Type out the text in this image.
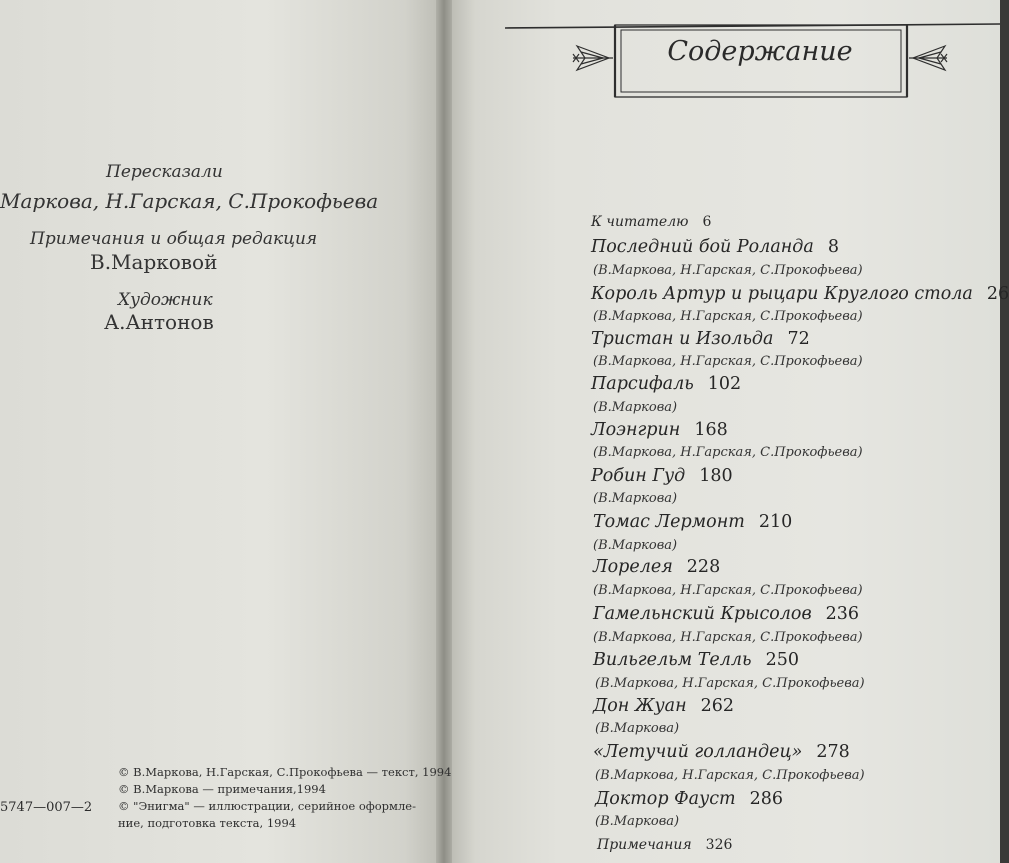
Пересказали
Маркова, Н.Гарская, С.Прокофьева
Примечания и общая редакция
В.Марковой
Художник
А.Антонов
5747—007—2
© В.Маркова, Н.Гарская, С.Прокофьева — текст, 1994
© В.Маркова — примечания,1994
© "Энигма" — иллюстрации, серийное оформле-
ние, подготовка текста, 1994
Содержание
К читателю 6
Последний бой Роланда 8
(В.Маркова, Н.Гарская, С.Прокофьева)
Король Артур и рыцари Круглого стола 26
(В.Маркова, Н.Гарская, С.Прокофьева)
Тристан и Изольда 72
(В.Маркова, Н.Гарская, С.Прокофьева)
Парсифаль 102
(В.Маркова)
Лоэнгрин 168
(В.Маркова, Н.Гарская, С.Прокофьева)
Робин Гуд 180
(В.Маркова)
Томас Лермонт 210
(В.Маркова)
Лорелея 228
(В.Маркова, Н.Гарская, С.Прокофьева)
Гамельнский Крысолов 236
(В.Маркова, Н.Гарская, С.Прокофьева)
Вильгельм Телль 250
(В.Маркова, Н.Гарская, С.Прокофьева)
Дон Жуан 262
(В.Маркова)
«Летучий голландец» 278
(В.Маркова, Н.Гарская, С.Прокофьева)
Доктор Фауст 286
(В.Маркова)
Примечания 326
